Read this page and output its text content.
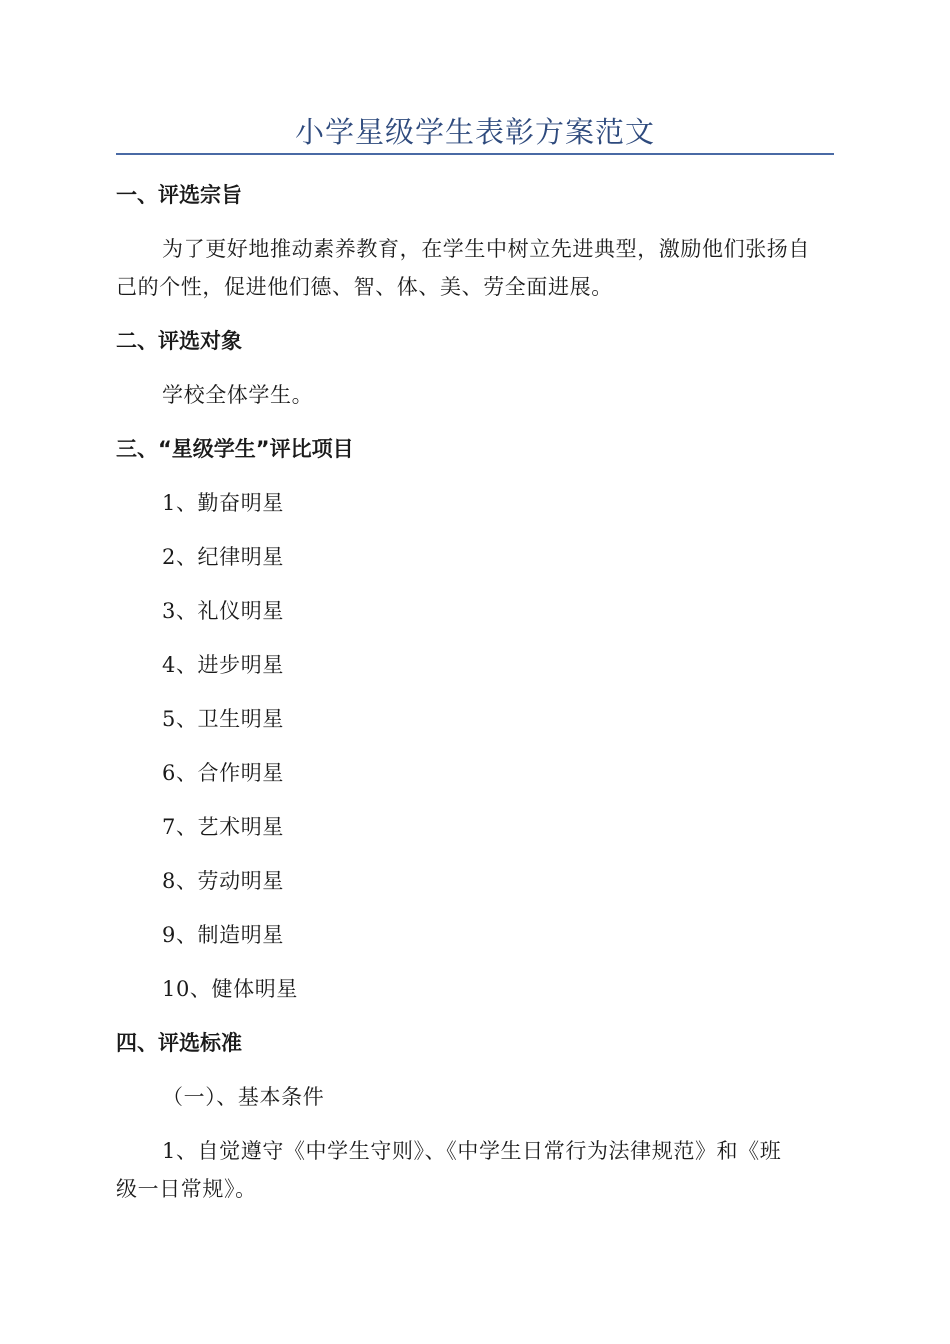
小学星级学生表彰方案范文
一、评选宗旨
为了更好地推动素养教育，在学生中树立先进典型，激励他们张扬自
己的个性，促进他们德、智、体、美、劳全面进展。
二、评选对象
学校全体学生。
三、“星级学生”评比项目
1、勤奋明星
2、纪律明星
3、礼仪明星
4、进步明星
5、卫生明星
6、合作明星
7、艺术明星
8、劳动明星
9、制造明星
10、健体明星
四、评选标准
（一）、基本条件
1、自觉遵守《中学生守则》、《中学生日常行为法律规范》和《班
级一日常规》。
